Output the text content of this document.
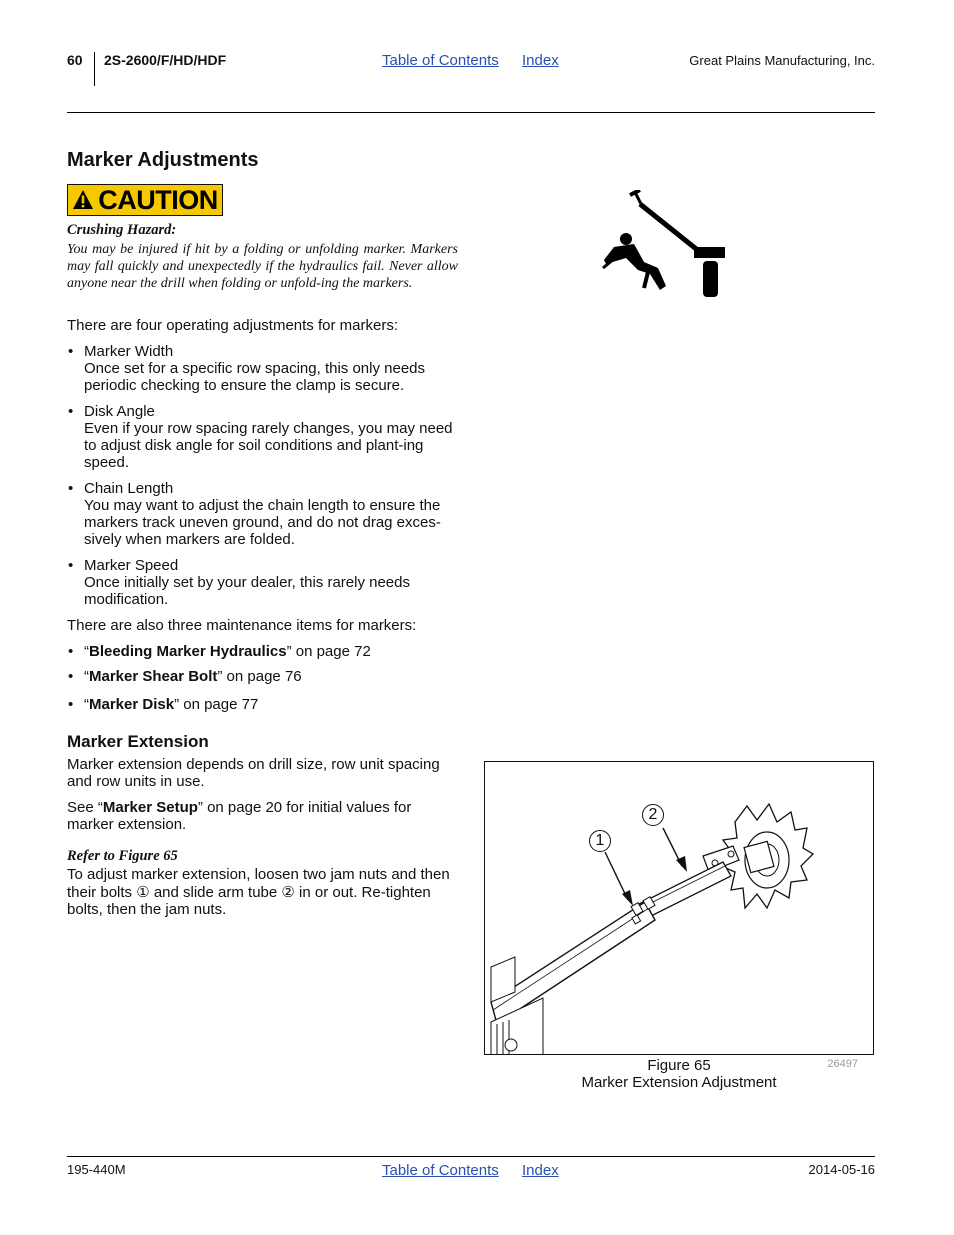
60 2S-2600/F/HD/HDF	Table of Contents Index	Great Plains Manufacturing, Inc.
Marker Adjustments
CAUTION
Crushing Hazard:
You may be injured if hit by a folding or unfolding marker. Markers may fall quickly and unexpectedly if the hydraulics fail. Never allow anyone near the drill when folding or unfold-ing the markers.
There are four operating adjustments for markers:
• Marker Width
Once set for a specific row spacing, this only needs periodic checking to ensure the clamp is secure.
• Disk Angle
Even if your row spacing rarely changes, you may need to adjust disk angle for soil conditions and plant-ing speed.
• Chain Length
You may want to adjust the chain length to ensure the markers track uneven ground, and do not drag exces-sively when markers are folded.
• Marker Speed
Once initially set by your dealer, this rarely needs modification.
There are also three maintenance items for markers:
• “Bleeding Marker Hydraulics” on page 72
• “Marker Shear Bolt” on page 76
• “Marker Disk” on page 77
Marker Extension
Marker extension depends on drill size, row unit spacing and row units in use.
See “Marker Setup” on page 20 for initial values for marker extension.
Refer to Figure 65
To adjust marker extension, loosen two jam nuts and then their bolts ① and slide arm tube ② in or out. Re-tighten bolts, then the jam nuts.
1
2
Figure 65	26497
Marker Extension Adjustment
195-440M	Table of Contents Index	2014-05-16
